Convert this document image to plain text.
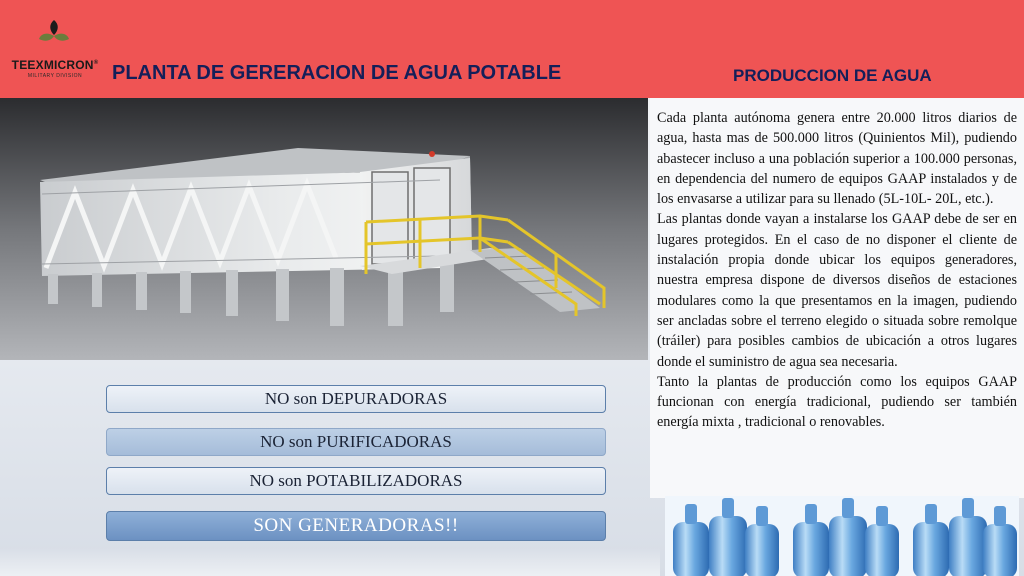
TEEXMICRON®
MILITARY DIVISION	PLANTA DE GERERACION DE AGUA POTABLE	PRODUCCION DE AGUA

Cada planta autónoma genera entre 20.000 litros diarios de agua, hasta mas de 500.000 litros (Quinientos Mil), pudiendo abastecer incluso a una población superior a 100.000 personas, en dependencia del numero de equipos GAAP instalados y de los envasarse a utilizar para su llenado (5L-10L- 20L, etc.).

Las plantas donde vayan a instalarse los GAAP debe de ser en lugares protegidos. En el caso de no disponer el cliente de instalación propia donde ubicar los equipos generadores, nuestra empresa dispone de diversos diseños de estaciones modulares como la que presentamos en la imagen, pudiendo ser ancladas sobre el terreno elegido o situada sobre remolque (tráiler) para posibles cambios de ubicación a otros lugares donde el suministro de agua sea necesaria.

Tanto la plantas de producción como los equipos GAAP funcionan con energía tradicional, pudiendo ser también energía mixta , tradicional o renovables.

NO son DEPURADORAS
NO son PURIFICADORAS
NO son POTABILIZADORAS
SON GENERADORAS!!
